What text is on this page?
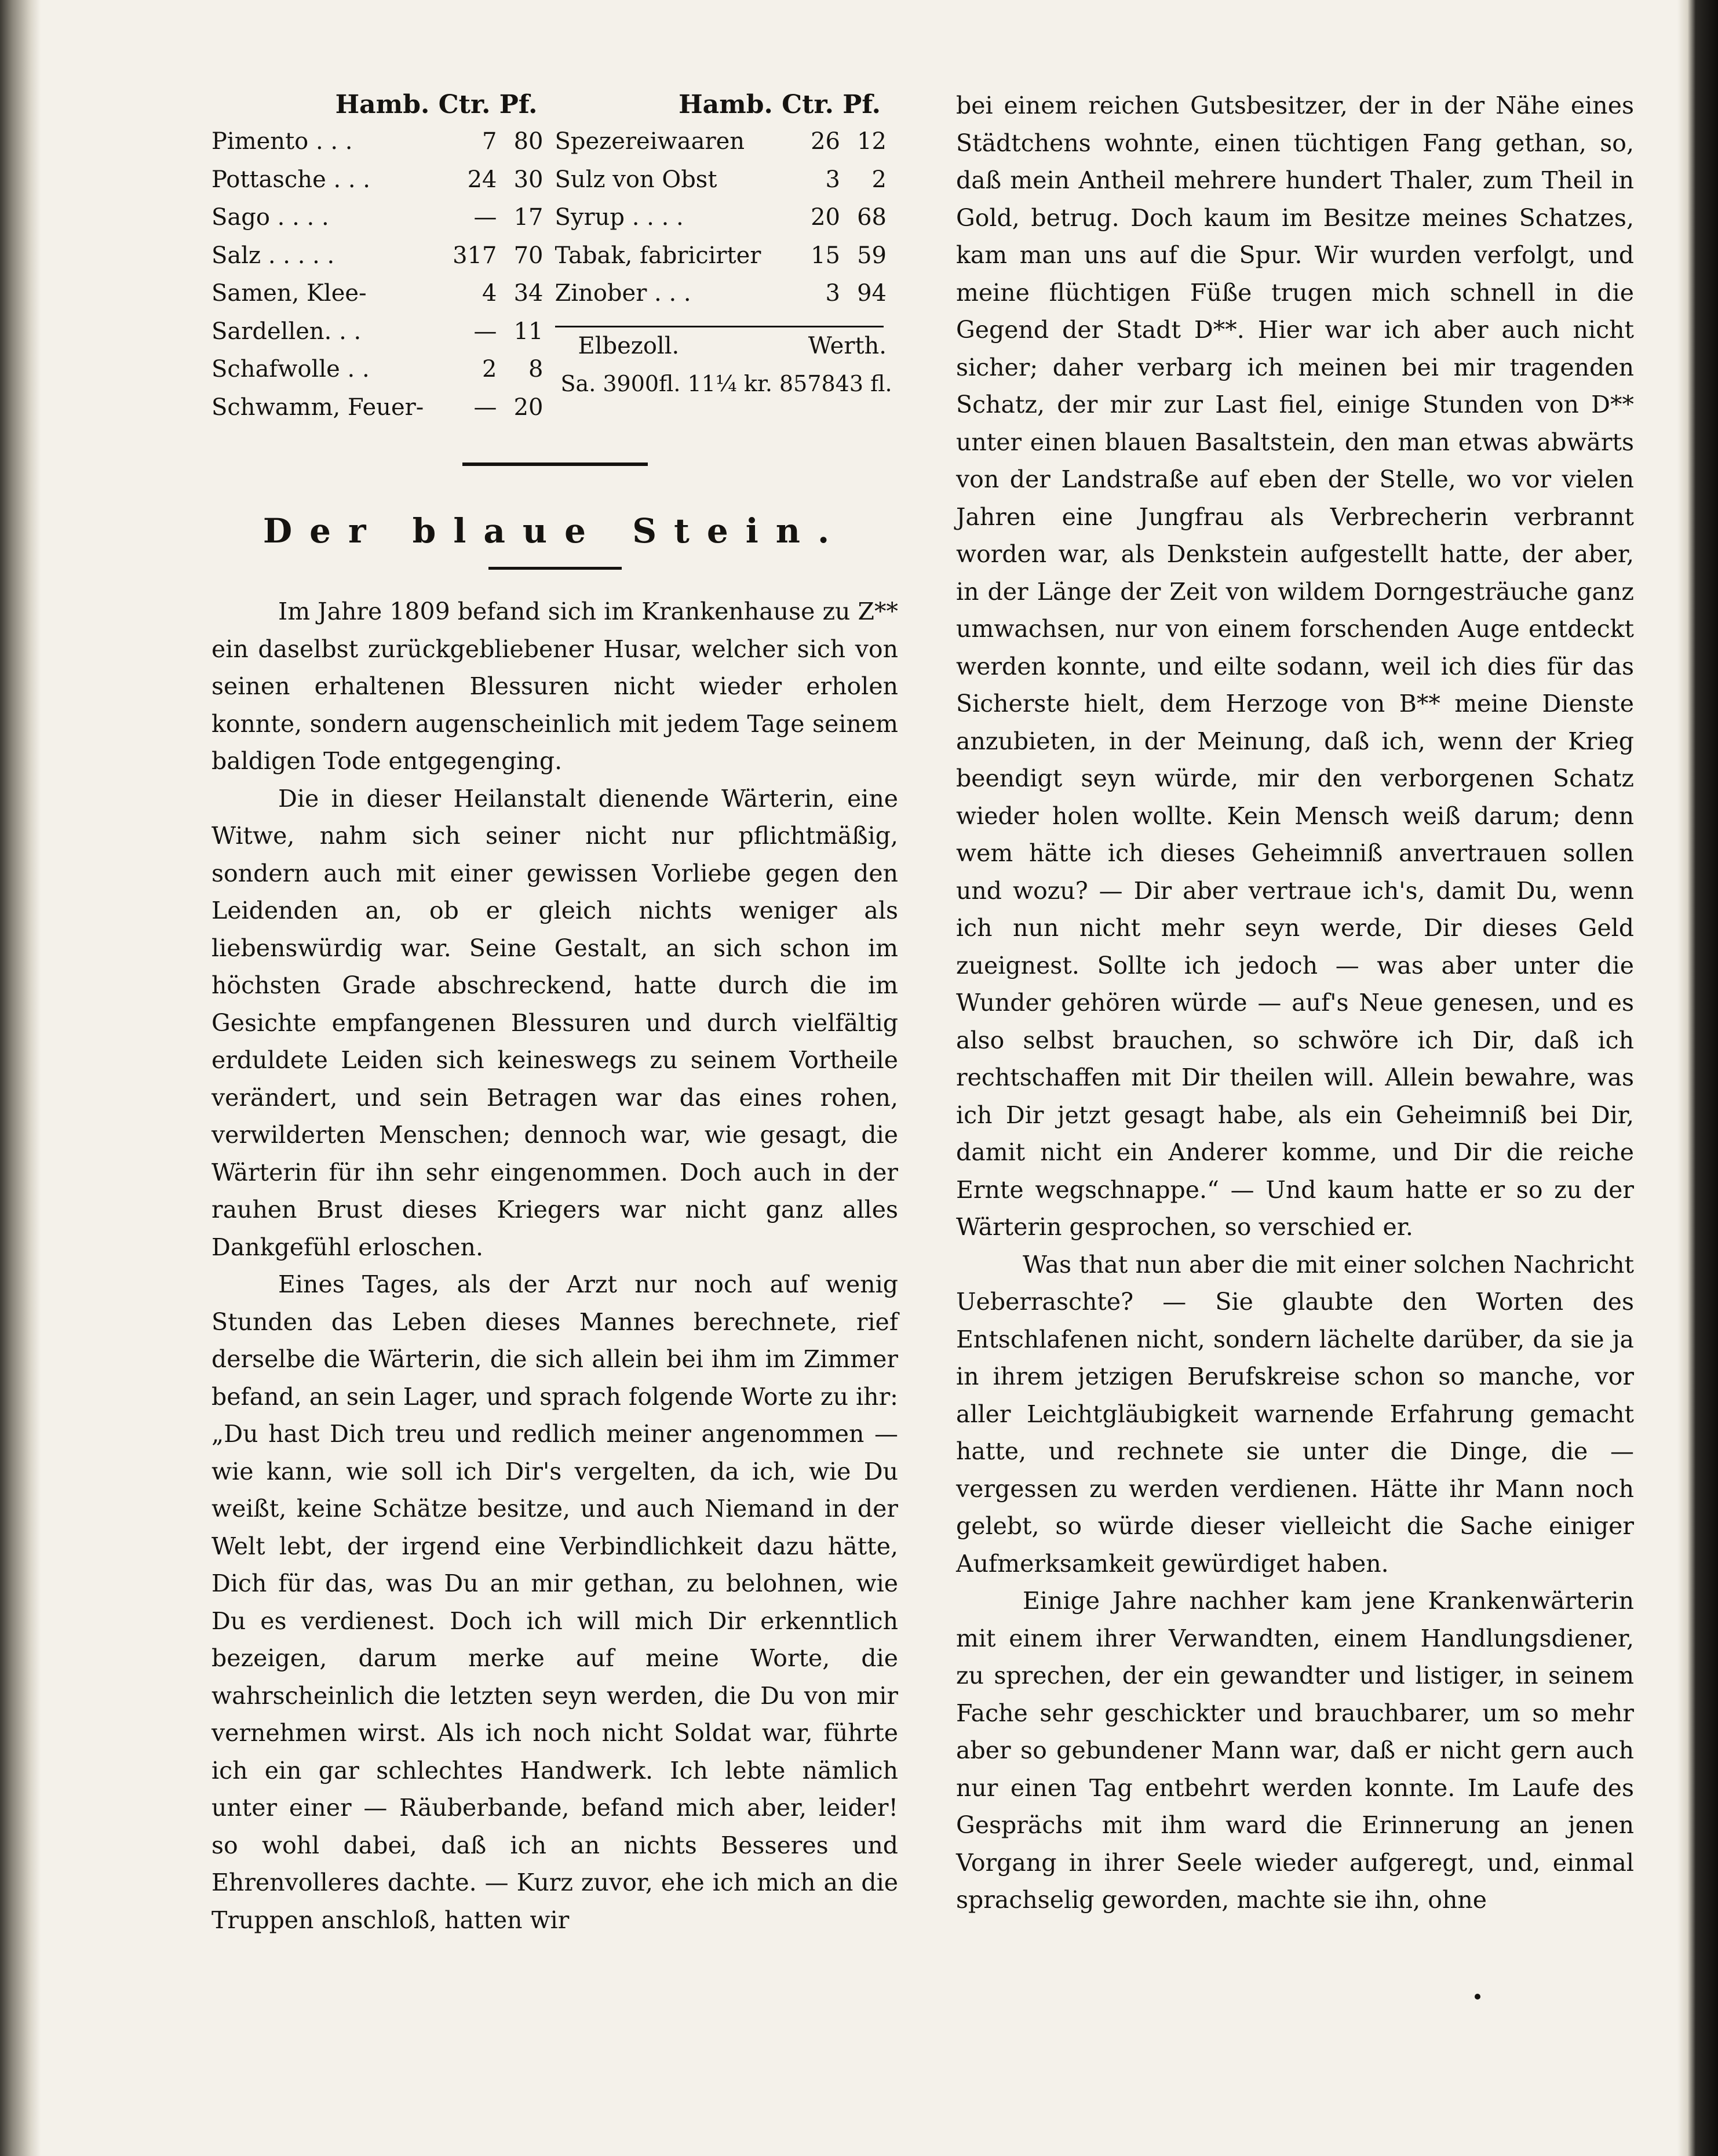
Hamb. Ctr. Pf.	Hamb. Ctr. Pf.
Pimento . . .	7 80
Pottasche . . .	24 30
Sago . . . .	— 17
Salz . . . . .	317 70
Samen, Klee-	4 34
Sardellen. . .	— 11
Schafwolle . .	2	8
Schwamm, Feuer-	— 20
Spezereiwaaren	26 12
Sulz von Obst	3	2
Syrup . . . .	20 68
Tabak, fabricirter	15 59
Zinober . . .	3 94
Elbezoll.	Werth.
Sa. 3900fl. 11¼ kr. 857843 fl.
Der blaue Stein.

Im Jahre 1809 befand sich im Krankenhause zu Z** ein daselbst zurückgebliebener Husar, welcher sich von seinen erhaltenen Blessuren nicht wieder erholen konnte, sondern augenscheinlich mit jedem Tage seinem baldigen Tode entgegenging.

Die in dieser Heilanstalt dienende Wärterin, eine Witwe, nahm sich seiner nicht nur pflichtmäßig, sondern auch mit einer gewissen Vorliebe gegen den Leidenden an, ob er gleich nichts weniger als liebenswürdig war. Seine Gestalt, an sich schon im höchsten Grade abschreckend, hatte durch die im Gesichte empfangenen Blessuren und durch vielfältig erduldete Leiden sich keineswegs zu seinem Vortheile verändert, und sein Betragen war das eines rohen, verwilderten Menschen; dennoch war, wie gesagt, die Wärterin für ihn sehr eingenommen. Doch auch in der rauhen Brust dieses Kriegers war nicht ganz alles Dankgefühl erloschen.

Eines Tages, als der Arzt nur noch auf wenig Stunden das Leben dieses Mannes berechnete, rief derselbe die Wärterin, die sich allein bei ihm im Zimmer befand, an sein Lager, und sprach folgende Worte zu ihr: „Du hast Dich treu und redlich meiner angenommen — wie kann, wie soll ich Dir's vergelten, da ich, wie Du weißt, keine Schätze besitze, und auch Niemand in der Welt lebt, der irgend eine Verbindlichkeit dazu hätte, Dich für das, was Du an mir gethan, zu belohnen, wie Du es verdienest. Doch ich will mich Dir erkenntlich bezeigen, darum merke auf meine Worte, die wahrscheinlich die letzten seyn werden, die Du von mir vernehmen wirst. Als ich noch nicht Soldat war, führte ich ein gar schlechtes Handwerk. Ich lebte nämlich unter einer — Räuberbande, befand mich aber, leider! so wohl dabei, daß ich an nichts Besseres und Ehrenvolleres dachte. — Kurz zuvor, ehe ich mich an die Truppen anschloß, hatten wir

bei einem reichen Gutsbesitzer, der in der Nähe eines Städtchens wohnte, einen tüchtigen Fang gethan, so, daß mein Antheil mehrere hundert Thaler, zum Theil in Gold, betrug. Doch kaum im Besitze meines Schatzes, kam man uns auf die Spur. Wir wurden verfolgt, und meine flüchtigen Füße trugen mich schnell in die Gegend der Stadt D**. Hier war ich aber auch nicht sicher; daher verbarg ich meinen bei mir tragenden Schatz, der mir zur Last fiel, einige Stunden von D** unter einen blauen Basaltstein, den man etwas abwärts von der Landstraße auf eben der Stelle, wo vor vielen Jahren eine Jungfrau als Verbrecherin verbrannt worden war, als Denkstein aufgestellt hatte, der aber, in der Länge der Zeit von wildem Dorngesträuche ganz umwachsen, nur von einem forschenden Auge entdeckt werden konnte, und eilte sodann, weil ich dies für das Sicherste hielt, dem Herzoge von B** meine Dienste anzubieten, in der Meinung, daß ich, wenn der Krieg beendigt seyn würde, mir den verborgenen Schatz wieder holen wollte. Kein Mensch weiß darum; denn wem hätte ich dieses Geheimniß anvertrauen sollen und wozu? — Dir aber vertraue ich's, damit Du, wenn ich nun nicht mehr seyn werde, Dir dieses Geld zueignest. Sollte ich jedoch — was aber unter die Wunder gehören würde — auf's Neue genesen, und es also selbst brauchen, so schwöre ich Dir, daß ich rechtschaffen mit Dir theilen will. Allein bewahre, was ich Dir jetzt gesagt habe, als ein Geheimniß bei Dir, damit nicht ein Anderer komme, und Dir die reiche Ernte wegschnappe.“ — Und kaum hatte er so zu der Wärterin gesprochen, so verschied er.

Was that nun aber die mit einer solchen Nachricht Ueberraschte? — Sie glaubte den Worten des Entschlafenen nicht, sondern lächelte darüber, da sie ja in ihrem jetzigen Berufskreise schon so manche, vor aller Leichtgläubigkeit warnende Erfahrung gemacht hatte, und rechnete sie unter die Dinge, die — vergessen zu werden verdienen. Hätte ihr Mann noch gelebt, so würde dieser vielleicht die Sache einiger Aufmerksamkeit gewürdiget haben.

Einige Jahre nachher kam jene Krankenwärterin mit einem ihrer Verwandten, einem Handlungsdiener, zu sprechen, der ein gewandter und listiger, in seinem Fache sehr geschickter und brauchbarer, um so mehr aber so gebundener Mann war, daß er nicht gern auch nur einen Tag entbehrt werden konnte. Im Laufe des Gesprächs mit ihm ward die Erinnerung an jenen Vorgang in ihrer Seele wieder aufgeregt, und, einmal sprachselig geworden, machte sie ihn, ohne
